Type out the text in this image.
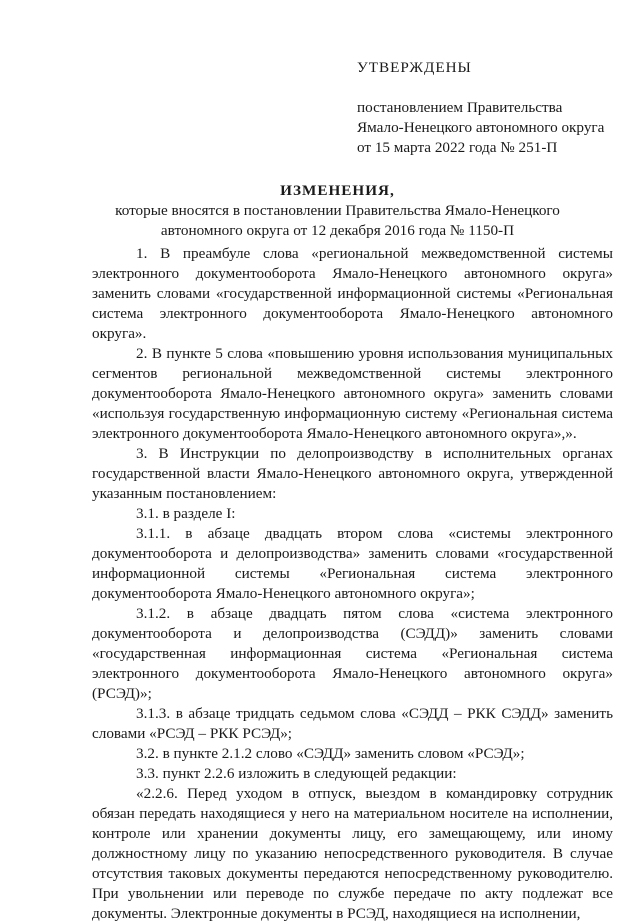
УТВЕРЖДЕНЫ
постановлением Правительства
Ямало-Ненецкого автономного округа
от 15 марта 2022 года № 251-П
ИЗМЕНЕНИЯ,
которые вносятся в постановлении Правительства Ямало-Ненецкого
автономного округа от 12 декабря 2016 года № 1150-П

1. В преамбуле слова «региональной межведомственной системы электронного документооборота Ямало-Ненецкого автономного округа» заменить словами «государственной информационной системы «Региональная система электронного документооборота Ямало-Ненецкого автономного округа».

2. В пункте 5 слова «повышению уровня использования муниципальных сегментов региональной межведомственной системы электронного документооборота Ямало-Ненецкого автономного округа» заменить словами «используя государственную информационную систему «Региональная система электронного документооборота Ямало-Ненецкого автономного округа»,».

3. В Инструкции по делопроизводству в исполнительных органах государственной власти Ямало-Ненецкого автономного округа, утвержденной указанным постановлением:

3.1. в разделе I:

3.1.1. в абзаце двадцать втором слова «системы электронного документооборота и делопроизводства» заменить словами «государственной информационной системы «Региональная система электронного документооборота Ямало-Ненецкого автономного округа»;

3.1.2. в абзаце двадцать пятом слова «система электронного документооборота и делопроизводства (СЭДД)» заменить словами «государственная информационная система «Региональная система электронного документооборота Ямало-Ненецкого автономного округа» (РСЭД)»;

3.1.3. в абзаце тридцать седьмом слова «СЭДД – РКК СЭДД» заменить словами «РСЭД – РКК РСЭД»;

3.2. в пункте 2.1.2 слово «СЭДД» заменить словом «РСЭД»;

3.3. пункт 2.2.6 изложить в следующей редакции:

«2.2.6. Перед уходом в отпуск, выездом в командировку сотрудник обязан передать находящиеся у него на материальном носителе на исполнении, контроле или хранении документы лицу, его замещающему, или иному должностному лицу по указанию непосредственного руководителя. В случае отсутствия таковых документы передаются непосредственному руководителю. При увольнении или переводе по службе передаче по акту подлежат все документы. Электронные документы в РСЭД, находящиеся на исполнении,
